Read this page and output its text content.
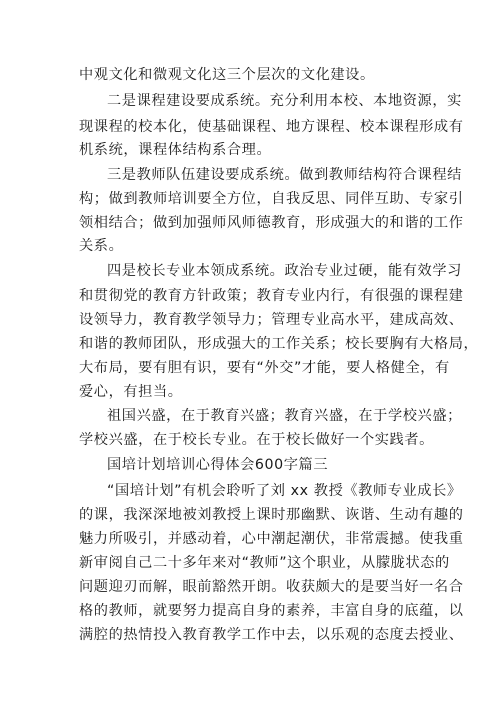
中观文化和微观文化这三个层次的文化建设。
二是课程建设要成系统。充分利用本校、本地资源，实
现课程的校本化，使基础课程、地方课程、校本课程形成有
机系统，课程体结构系合理。
三是教师队伍建设要成系统。做到教师结构符合课程结
构；做到教师培训要全方位，自我反思、同伴互助、专家引
领相结合；做到加强师风师德教育，形成强大的和谐的工作
关系。
四是校长专业本领成系统。政治专业过硬，能有效学习
和贯彻党的教育方针政策；教育专业内行，有很强的课程建
设领导力，教育教学领导力；管理专业高水平，建成高效、
和谐的教师团队，形成强大的工作关系；校长要胸有大格局，
大布局，要有胆有识，要有“外交”才能，要人格健全，有
爱心，有担当。
祖国兴盛，在于教育兴盛；教育兴盛，在于学校兴盛；
学校兴盛，在于校长专业。在于校长做好一个实践者。
国培计划培训心得体会600字篇三
“国培计划”有机会聆听了刘 xx 教授《教师专业成长》
的课，我深深地被刘教授上课时那幽默、诙谐、生动有趣的
魅力所吸引，并感动着，心中潮起潮伏，非常震撼。使我重
新审阅自己二十多年来对“教师”这个职业，从朦胧状态的
问题迎刃而解，眼前豁然开朗。收获颇大的是要当好一名合
格的教师，就要努力提高自身的素养，丰富自身的底蕴，以
满腔的热情投入教育教学工作中去，以乐观的态度去授业、
